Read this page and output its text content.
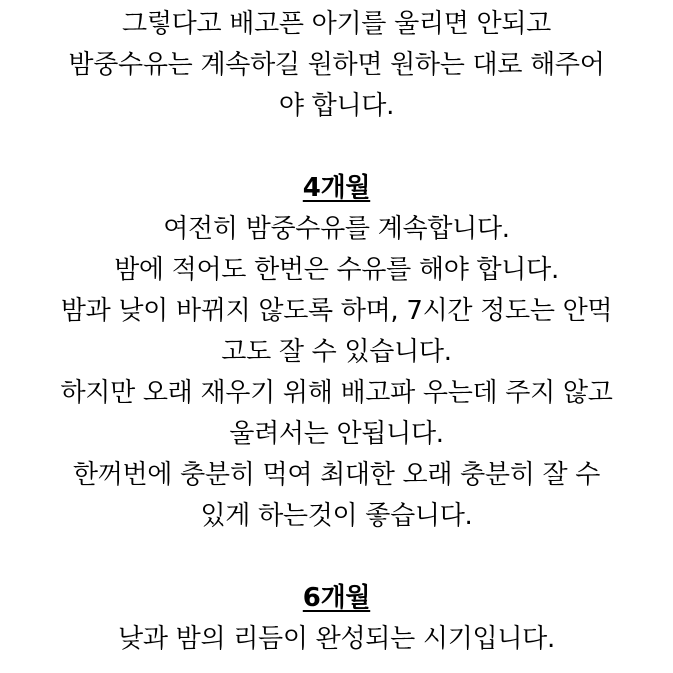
그렇다고 배고픈 아기를 울리면 안되고
밤중수유는 계속하길 원하면 원하는 대로 해주어
야 합니다.
4개월
여전히 밤중수유를 계속합니다.
밤에 적어도 한번은 수유를 해야 합니다.
밤과 낮이 바뀌지 않도록 하며, 7시간 정도는 안먹
고도 잘 수 있습니다.
하지만 오래 재우기 위해 배고파 우는데 주지 않고
울려서는 안됩니다.
한꺼번에 충분히 먹여 최대한 오래 충분히 잘 수
있게 하는것이 좋습니다.
6개월
낮과 밤의 리듬이 완성되는 시기입니다.
